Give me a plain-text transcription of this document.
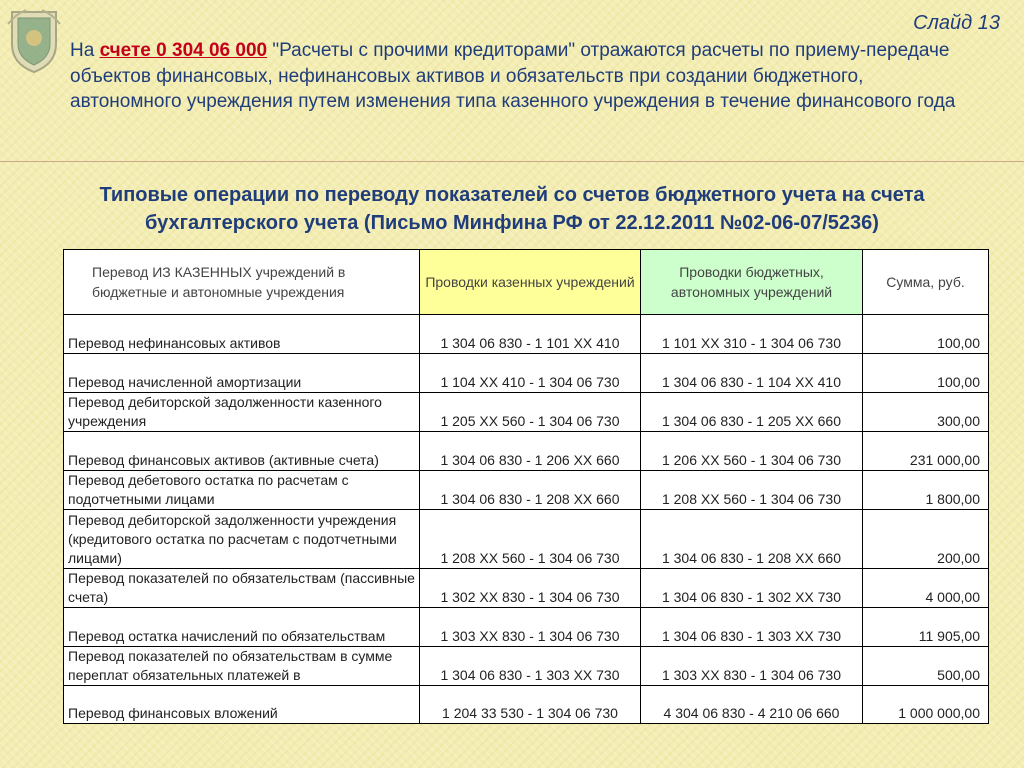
Слайд 13
На счете 0 304 06 000 "Расчеты с прочими кредиторами" отражаются расчеты по приему-передаче объектов финансовых, нефинансовых активов и обязательств при создании бюджетного, автономного учреждения путем изменения типа казенного учреждения в течение финансового года
Типовые операции по переводу показателей со счетов бюджетного учета на счета бухгалтерского учета (Письмо Минфина РФ от 22.12.2011 №02-06-07/5236)
Перевод ИЗ КАЗЕННЫХ учреждений в бюджетные и автономные учреждения	Проводки казенных учреждений	Проводки бюджетных, автономных учреждений	Сумма, руб.
Перевод нефинансовых активов	1 304 06 830 - 1 101 ХХ 410	1 101 ХХ 310 - 1 304 06 730	100,00
Перевод начисленной амортизации	1 104 ХХ 410 - 1 304 06 730	1 304 06 830 - 1 104 ХХ 410	100,00
Перевод дебиторской задолженности казенного учреждения	1 205 ХХ 560 - 1 304 06 730	1 304 06 830 - 1 205 ХХ 660	300,00
Перевод финансовых активов (активные счета)	1 304 06 830 - 1 206 ХХ 660	1 206 ХХ 560 - 1 304 06 730	231 000,00
Перевод дебетового остатка по расчетам с подотчетными лицами	1 304 06 830 - 1 208 ХХ 660	1 208 ХХ 560 - 1 304 06 730	1 800,00
Перевод дебиторской задолженности учреждения (кредитового остатка по расчетам с подотчетными лицами)	1 208 ХХ 560 - 1 304 06 730	1 304 06 830 - 1 208 ХХ 660	200,00
Перевод показателей по обязательствам (пассивные счета)	1 302 ХХ 830 - 1 304 06 730	1 304 06 830 - 1 302 ХХ 730	4 000,00
Перевод остатка начислений по обязательствам	1 303 ХХ 830 - 1 304 06 730	1 304 06 830 - 1 303 ХХ 730	11 905,00
Перевод показателей по обязательствам в сумме переплат обязательных платежей в	1 304 06 830 - 1 303 ХХ 730	1 303 ХХ 830 - 1 304 06 730	500,00
Перевод финансовых вложений	1 204 33 530 - 1 304 06 730	4 304 06 830 - 4 210 06 660	1 000 000,00
